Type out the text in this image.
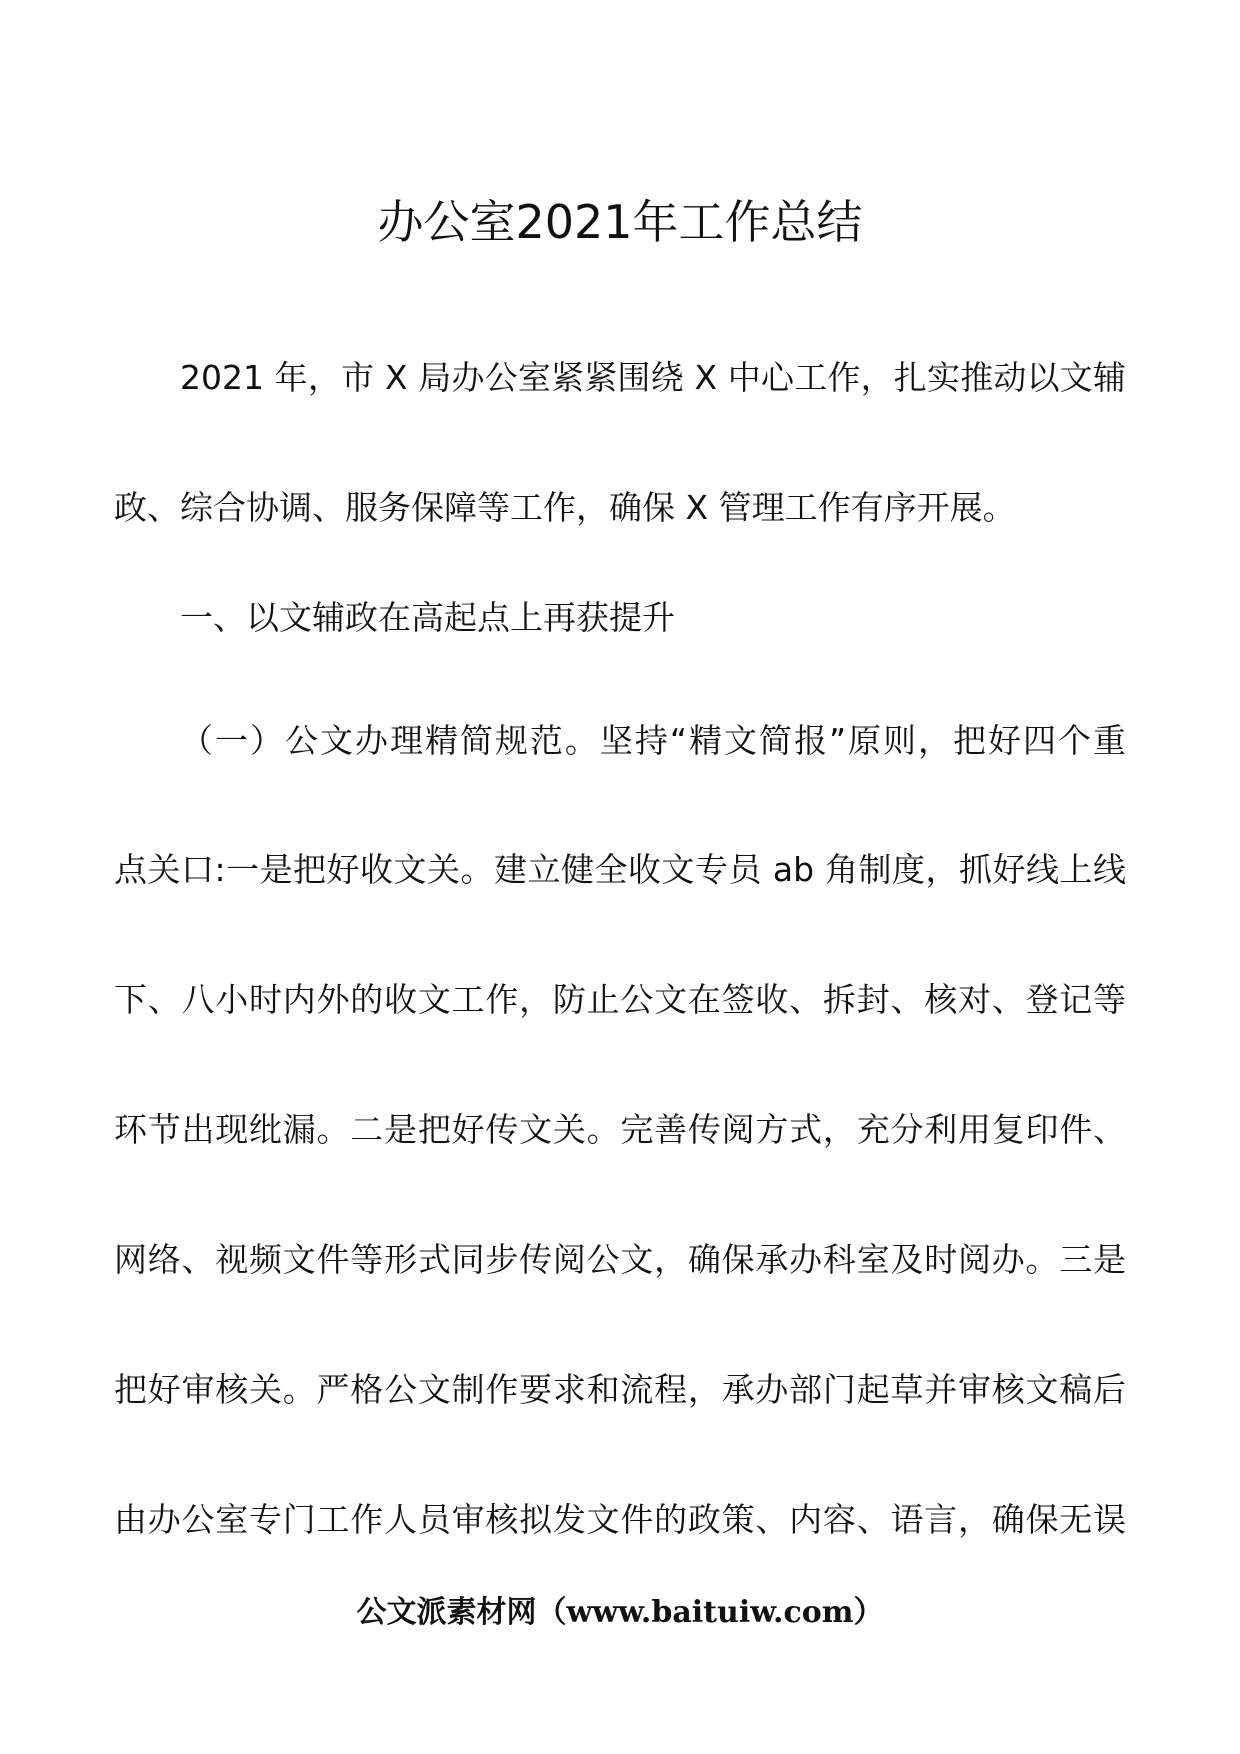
办公室2021年工作总结

2021 年，市 X 局办公室紧紧围绕 X 中心工作，扎实推动以文辅

政、综合协调、服务保障等工作，确保 X 管理工作有序开展。

一、以文辅政在高起点上再获提升

（一）公文办理精简规范。坚持“精文简报”原则，把好四个重

点关口:一是把好收文关。建立健全收文专员 ab 角制度，抓好线上线

下、八小时内外的收文工作，防止公文在签收、拆封、核对、登记等

环节出现纰漏。二是把好传文关。完善传阅方式，充分利用复印件、

网络、视频文件等形式同步传阅公文，确保承办科室及时阅办。三是

把好审核关。严格公文制作要求和流程，承办部门起草并审核文稿后

由办公室专门工作人员审核拟发文件的政策、内容、语言，确保无误

公文派素材网（www.baituiw.com）
